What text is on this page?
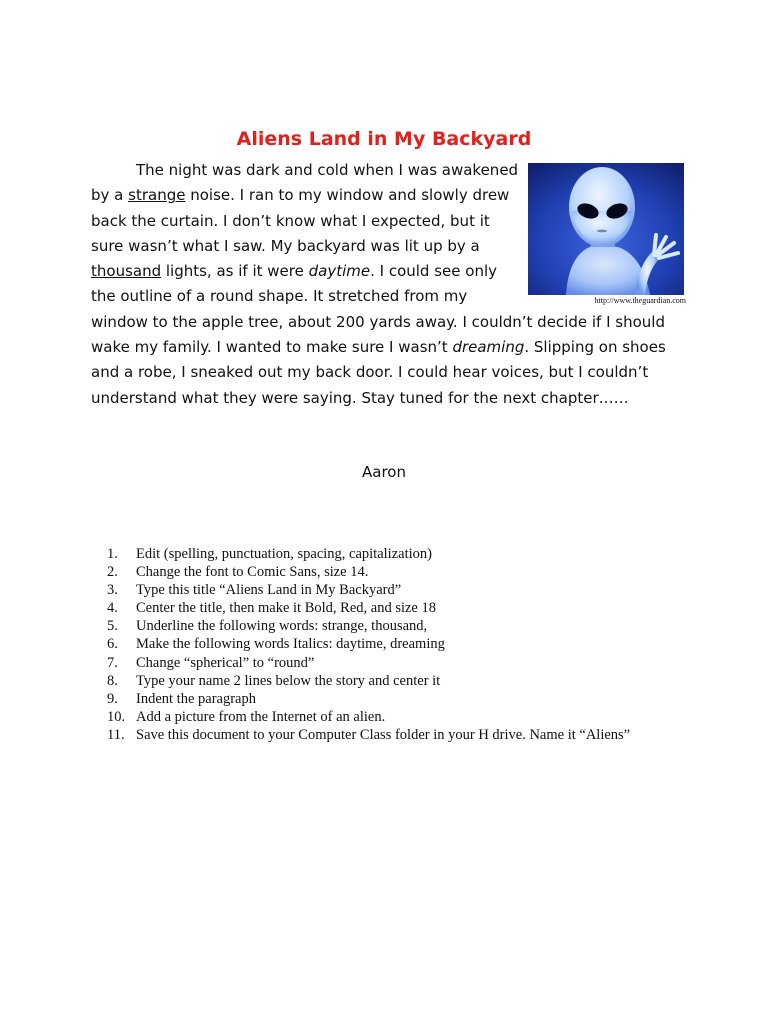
Aliens Land in My Backyard

http://www.theguardian.com
The night was dark and cold when I was awakened by a strange noise. I ran to my window and slowly drew back the curtain. I don’t know what I expected, but it sure wasn’t what I saw. My backyard was lit up by a thousand lights, as if it were daytime. I could see only the outline of a round shape. It stretched from my window to the apple tree, about 200 yards away. I couldn’t decide if I should wake my family. I wanted to make sure I wasn’t dreaming. Slipping on shoes and a robe, I sneaked out my back door. I could hear voices, but I couldn’t understand what they were saying. Stay tuned for the next chapter……

Aaron

1.	Edit (spelling, punctuation, spacing, capitalization)
2.	Change the font to Comic Sans, size 14.
3.	Type this title “Aliens Land in My Backyard”
4.	Center the title, then make it Bold, Red, and size 18
5.	Underline the following words: strange, thousand,
6.	Make the following words Italics: daytime, dreaming
7.	Change “spherical” to “round”
8.	Type your name 2 lines below the story and center it
9.	Indent the paragraph
10. Add a picture from the Internet of an alien.
11. Save this document to your Computer Class folder in your H drive. Name it “Aliens”
